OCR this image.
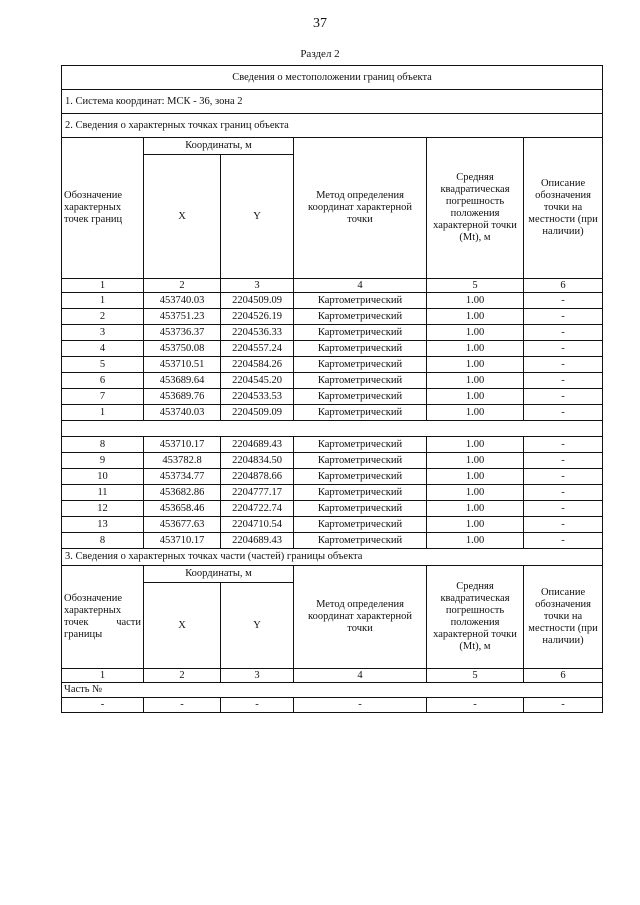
37
Раздел 2
Сведения о местоположении границ объекта					
1. Система координат: МСК - 36, зона 2					
2. Сведения о характерных точках границ объекта					
Обозначение характерных точек границ	Координаты, м		Метод определения координат характерной точки	Средняя квадратическая погрешность положения характерной точки (Mt), м	Описание обозначения точки на местности (при наличии)
	X	Y			
1	2	3	4	5	6
1	453740.03	2204509.09	Картометрический	1.00	-
2	453751.23	2204526.19	Картометрический	1.00	-
3	453736.37	2204536.33	Картометрический	1.00	-
4	453750.08	2204557.24	Картометрический	1.00	-
5	453710.51	2204584.26	Картометрический	1.00	-
6	453689.64	2204545.20	Картометрический	1.00	-
7	453689.76	2204533.53	Картометрический	1.00	-
1	453740.03	2204509.09	Картометрический	1.00	-

8	453710.17	2204689.43	Картометрический	1.00	-
9	453782.8	2204834.50	Картометрический	1.00	-
10	453734.77	2204878.66	Картометрический	1.00	-
11	453682.86	2204777.17	Картометрический	1.00	-
12	453658.46	2204722.74	Картометрический	1.00	-
13	453677.63	2204710.54	Картометрический	1.00	-
8	453710.17	2204689.43	Картометрический	1.00	-
3. Сведения о характерных точках части (частей) границы объекта					

Обозначение
характерных
точек части
границы	Координаты, м		Метод определения координат характерной точки	Средняя квадратическая погрешность положения характерной точки (Mt), м	Описание обозначения точки на местности (при наличии)
	X	Y			
1	2	3	4	5	6
Часть №					
-	-	-	-	-	-
